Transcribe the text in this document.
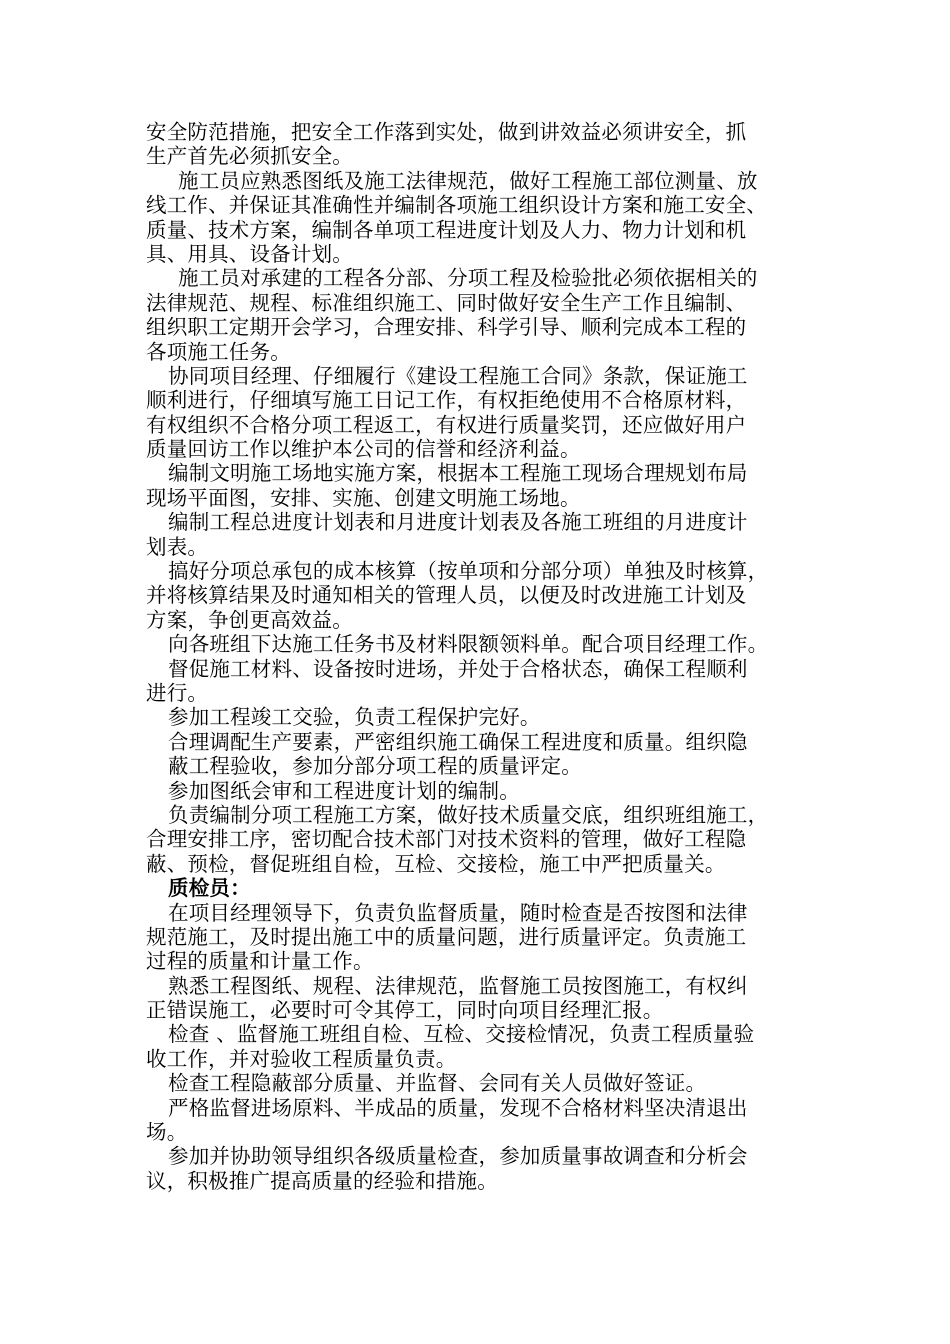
安全防范措施，把安全工作落到实处，做到讲效益必须讲安全，抓
生产首先必须抓安全。
施工员应熟悉图纸及施工法律规范，做好工程施工部位测量、放
线工作、并保证其准确性并编制各项施工组织设计方案和施工安全、
质量、技术方案，编制各单项工程进度计划及人力、物力计划和机
具、用具、设备计划。
施工员对承建的工程各分部、分项工程及检验批必须依据相关的
法律规范、规程、标准组织施工、同时做好安全生产工作且编制、
组织职工定期开会学习，合理安排、科学引导、顺利完成本工程的
各项施工任务。
协同项目经理、仔细履行《建设工程施工合同》条款，保证施工
顺利进行，仔细填写施工日记工作，有权拒绝使用不合格原材料，
有权组织不合格分项工程返工，有权进行质量奖罚，还应做好用户
质量回访工作以维护本公司的信誉和经济利益。
编制文明施工场地实施方案，根据本工程施工现场合理规划布局
现场平面图，安排、实施、创建文明施工场地。
编制工程总进度计划表和月进度计划表及各施工班组的月进度计
划表。
搞好分项总承包的成本核算（按单项和分部分项）单独及时核算，
并将核算结果及时通知相关的管理人员，以便及时改进施工计划及
方案，争创更高效益。
向各班组下达施工任务书及材料限额领料单。配合项目经理工作。
督促施工材料、设备按时进场，并处于合格状态，确保工程顺利
进行。
参加工程竣工交验，负责工程保护完好。
合理调配生产要素，严密组织施工确保工程进度和质量。组织隐
蔽工程验收，参加分部分项工程的质量评定。
参加图纸会审和工程进度计划的编制。
负责编制分项工程施工方案，做好技术质量交底，组织班组施工，
合理安排工序，密切配合技术部门对技术资料的管理，做好工程隐
蔽、预检，督促班组自检，互检、交接检，施工中严把质量关。
质检员：
在项目经理领导下，负责负监督质量，随时检查是否按图和法律
规范施工，及时提出施工中的质量问题，进行质量评定。负责施工
过程的质量和计量工作。
熟悉工程图纸、规程、法律规范，监督施工员按图施工，有权纠
正错误施工，必要时可令其停工，同时向项目经理汇报。
检查 、监督施工班组自检、互检、交接检情况，负责工程质量验
收工作，并对验收工程质量负责。
检查工程隐蔽部分质量、并监督、会同有关人员做好签证。
严格监督进场原料、半成品的质量，发现不合格材料坚决清退出
场。
参加并协助领导组织各级质量检查，参加质量事故调查和分析会
议，积极推广提高质量的经验和措施。
